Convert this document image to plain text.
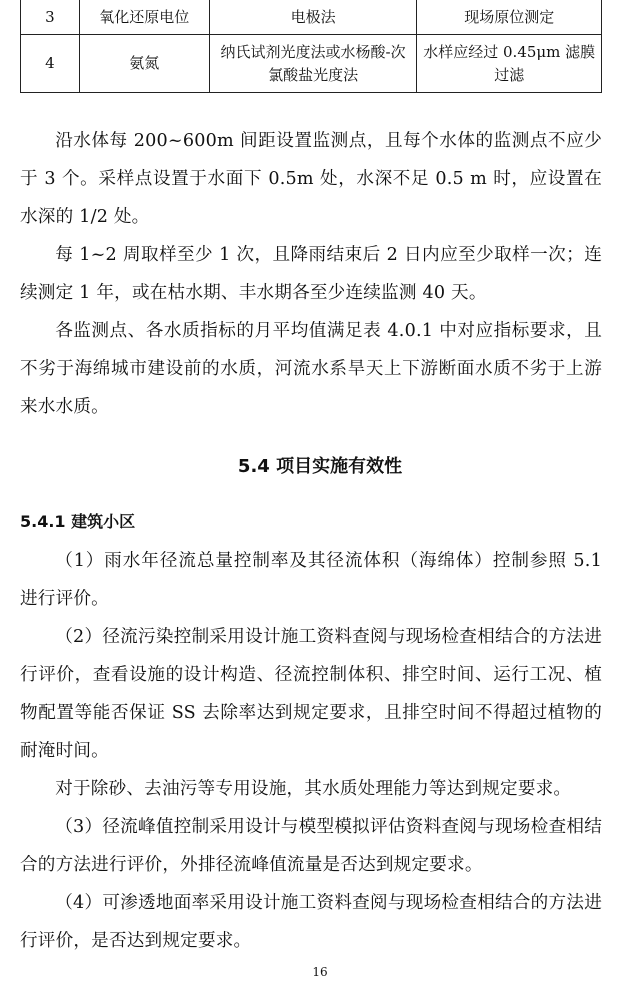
3	氧化还原电位	电极法	现场原位测定
4	氨氮	纳氏试剂光度法或水杨酸-次氯酸盐光度法	水样应经过 0.45μm 滤膜过滤

沿水体每 200~600m 间距设置监测点，且每个水体的监测点不应少于 3 个。采样点设置于水面下 0.5m 处，水深不足 0.5 m 时，应设置在水深的 1/2 处。

每 1~2 周取样至少 1 次，且降雨结束后 2 日内应至少取样一次；连续测定 1 年，或在枯水期、丰水期各至少连续监测 40 天。

各监测点、各水质指标的月平均值满足表 4.0.1 中对应指标要求，且不劣于海绵城市建设前的水质，河流水系旱天上下游断面水质不劣于上游来水水质。

5.4 项目实施有效性
5.4.1 建筑小区

（1）雨水年径流总量控制率及其径流体积（海绵体）控制参照 5.1 进行评价。

（2）径流污染控制采用设计施工资料查阅与现场检查相结合的方法进行评价，查看设施的设计构造、径流控制体积、排空时间、运行工况、植物配置等能否保证 SS 去除率达到规定要求，且排空时间不得超过植物的耐淹时间。

对于除砂、去油污等专用设施，其水质处理能力等达到规定要求。

（3）径流峰值控制采用设计与模型模拟评估资料查阅与现场检查相结合的方法进行评价，外排径流峰值流量是否达到规定要求。

（4）可渗透地面率采用设计施工资料查阅与现场检查相结合的方法进行评价，是否达到规定要求。

16
